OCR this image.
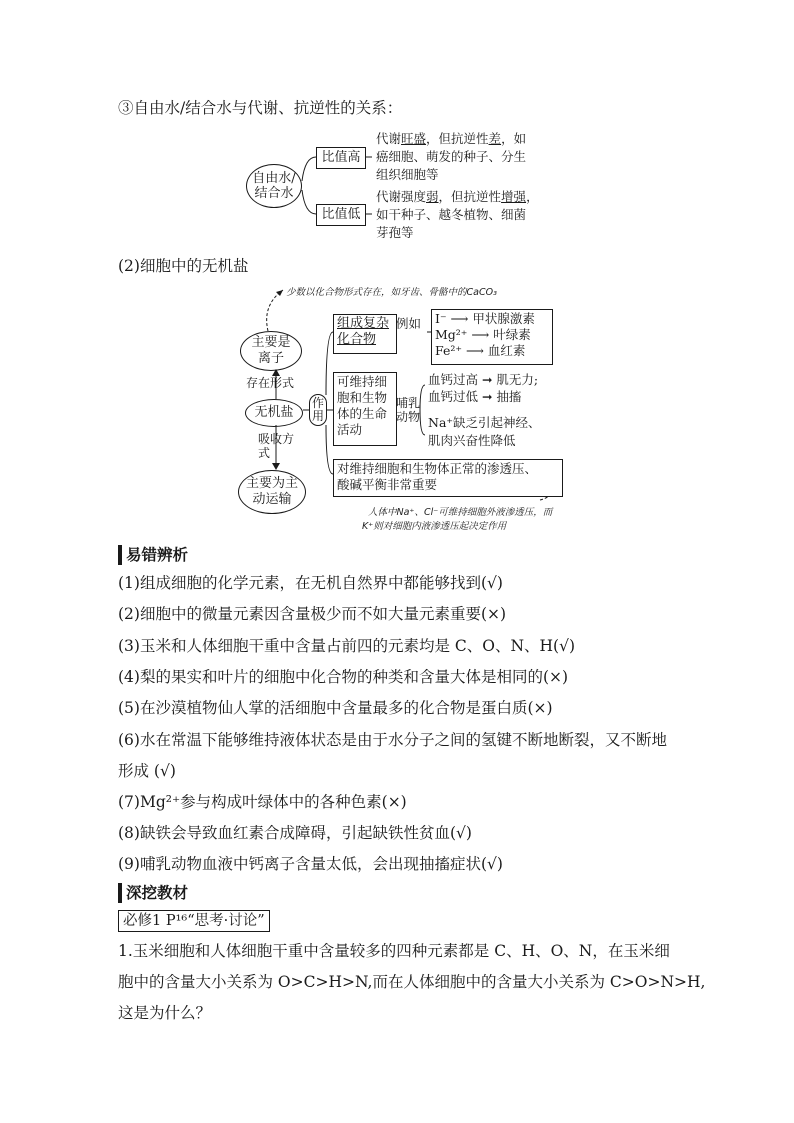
③自由水/结合水与代谢、抗逆性的关系：
自由水/结合水
比值高
比值低
代谢旺盛，但抗逆性差，如
癌细胞、萌发的种子、分生
组织细胞等
代谢强度弱，但抗逆性增强，
如干种子、越冬植物、细菌
芽孢等
(2)细胞中的无机盐
少数以化合物形式存在，如牙齿、骨骼中的CaCO₃
主要是离子
存在形式
无机盐
吸收方式
主要为主动运输
作用
组成复杂化合物
例如 I⁻ ⟶ 甲状腺激素
Mg²⁺ ⟶ 叶绿素
Fe²⁺ ⟶ 血红素
可维持细胞和生物体的生命活动
哺乳动物
血钙过高 ➞ 肌无力;
血钙过低 ➞ 抽搐
Na⁺缺乏引起神经、
肌肉兴奋性降低
对维持细胞和生物体正常的渗透压、
酸碱平衡非常重要
人体中Na⁺、Cl⁻可维持细胞外液渗透压，而
K⁺则对细胞内液渗透压起决定作用
易错辨析
(1)组成细胞的化学元素，在无机自然界中都能够找到(√)
(2)细胞中的微量元素因含量极少而不如大量元素重要(×)
(3)玉米和人体细胞干重中含量占前四的元素均是 C、O、N、H(√)
(4)梨的果实和叶片的细胞中化合物的种类和含量大体是相同的(×)
(5)在沙漠植物仙人掌的活细胞中含量最多的化合物是蛋白质(×)
(6)水在常温下能够维持液体状态是由于水分子之间的氢键不断地断裂，又不断地
形成 (√)
(7)Mg²⁺参与构成叶绿体中的各种色素(×)
(8)缺铁会导致血红素合成障碍，引起缺铁性贫血(√)
(9)哺乳动物血液中钙离子含量太低，会出现抽搐症状(√)
深挖教材
必修1 P¹⁶“思考·讨论”
1.玉米细胞和人体细胞干重中含量较多的四种元素都是 C、H、O、N，在玉米细
胞中的含量大小关系为 O>C>H>N,而在人体细胞中的含量大小关系为 C>O>N>H,
这是为什么？
